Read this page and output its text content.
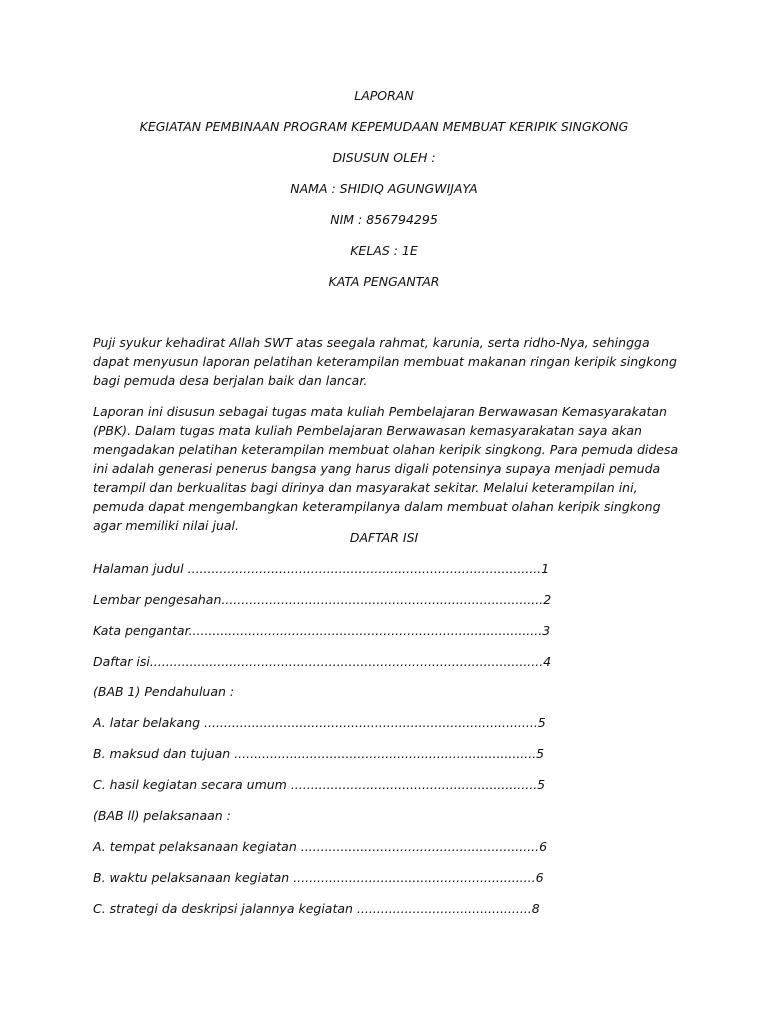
LAPORAN

KEGIATAN PEMBINAAN PROGRAM KEPEMUDAAN MEMBUAT KERIPIK SINGKONG

DISUSUN OLEH :

NAMA : SHIDIQ AGUNGWIJAYA

NIM : 856794295

KELAS : 1E

KATA PENGANTAR

Puji syukur kehadirat Allah SWT atas seegala rahmat, karunia, serta ridho-Nya, sehingga dapat menyusun laporan pelatihan keterampilan membuat makanan ringan keripik singkong bagi pemuda desa berjalan baik dan lancar.

Laporan ini disusun sebagai tugas mata kuliah Pembelajaran Berwawasan Kemasyarakatan (PBK). Dalam tugas mata kuliah Pembelajaran Berwawasan kemasyarakatan saya akan mengadakan pelatihan keterampilan membuat olahan keripik singkong. Para pemuda didesa ini adalah generasi penerus bangsa yang harus digali potensinya supaya menjadi pemuda terampil dan berkualitas bagi dirinya dan masyarakat sekitar. Melalui keterampilan ini, pemuda dapat mengembangkan keterampilanya dalam membuat olahan keripik singkong agar memiliki nilai jual.

DAFTAR ISI

Halaman judul .........................................................................................1

Lembar pengesahan.................................................................................2

Kata pengantar.........................................................................................3

Daftar isi...................................................................................................4

(BAB 1) Pendahuluan :

A. latar belakang ....................................................................................5

B. maksud dan tujuan ............................................................................5

C. hasil kegiatan secara umum ..............................................................5

(BAB ll) pelaksanaan :

A. tempat pelaksanaan kegiatan ............................................................6

B. waktu pelaksanaan kegiatan .............................................................6

C. strategi da deskripsi jalannya kegiatan ............................................8
